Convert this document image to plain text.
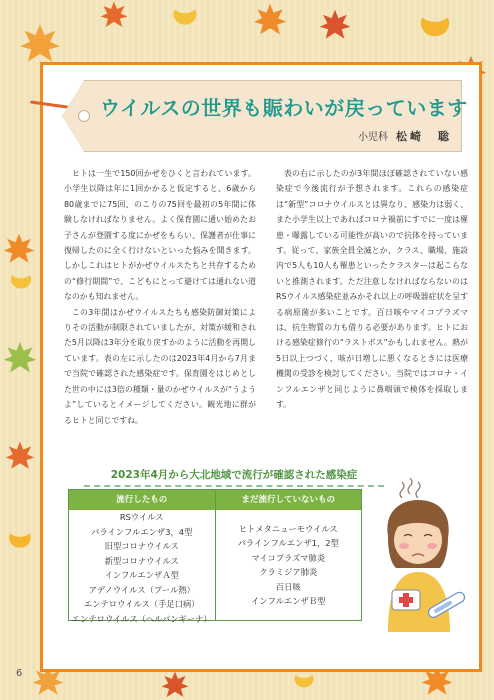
ウイルスの世界も賑わいが戻っています
小児科 松崎　聡

ヒトは一生で150回かぜをひくと言われています。小学生以降は年に1回かかると仮定すると、6歳から80歳までに75回、のこりの75回を最初の5年間に体験しなければなりません。よく保育園に通い始めたお子さんが登園する度にかぜをもらい、保護者が仕事に復帰したのに全く行けないといった悩みを聞きます。しかしこれはヒトがかぜウイルスたちと共存するための“修行期間”で、こどもにとって避けては通れない道なのかも知れません。

この3年間はかぜウイルスたちも感染防御対策によりその活動が制限されていましたが、対策が緩和された5月以降は3年分を取り戻すかのように活動を再開しています。表の左に示したのは2023年4月から7月まで当院で確認された感染症です。保育園をはじめとした世の中には3倍の種類・量のかぜウイルスが“うようよ”しているとイメージしてください。観光地に群がるヒトと同じですね。

表の右に示したのが3年間ほぼ確認されていない感染症で今後流行が予想されます。これらの感染症は“新型”コロナウイルスとは異なり、感染力は弱く、また小学生以上であればコロナ禍前にすでに一度は罹患・曝露している可能性が高いので抗体を持っています。従って、家族全員全滅とか、クラス、職場、施設内で5人も10人も罹患といったクラスターは起こらないと推測されます。ただ注意しなければならないのはRSウイルス感染症並みかそれ以上の呼吸器症状を呈する病原菌が多いことです。百日咳やマイコプラズマは、抗生物質の力も借りる必要があります。ヒトにおける感染症修行の“ラストボス”かもしれません。熱が5日以上つづく、咳が日増しに悪くなるときには医療機関の受診を検討してください。当院ではコロナ・インフルエンザと同じように鼻咽頭で検体を採取します。

2023年4月から大北地域で流行が確認された感染症
流行したもの
RSウイルス
パラインフルエンザ3，4型
旧型コロナウイルス
新型コロナウイルス
インフルエンザＡ型
アデノウイルス（プール熱）
エンテロウイルス（手足口病）
エンテロウイルス（ヘルパンギーナ）
まだ流行していないもの
ヒトメタニューモウイルス
パラインフルエンザ1，2型
マイコプラズマ肺炎
クラミジア肺炎
百日咳
インフルエンザＢ型
6
